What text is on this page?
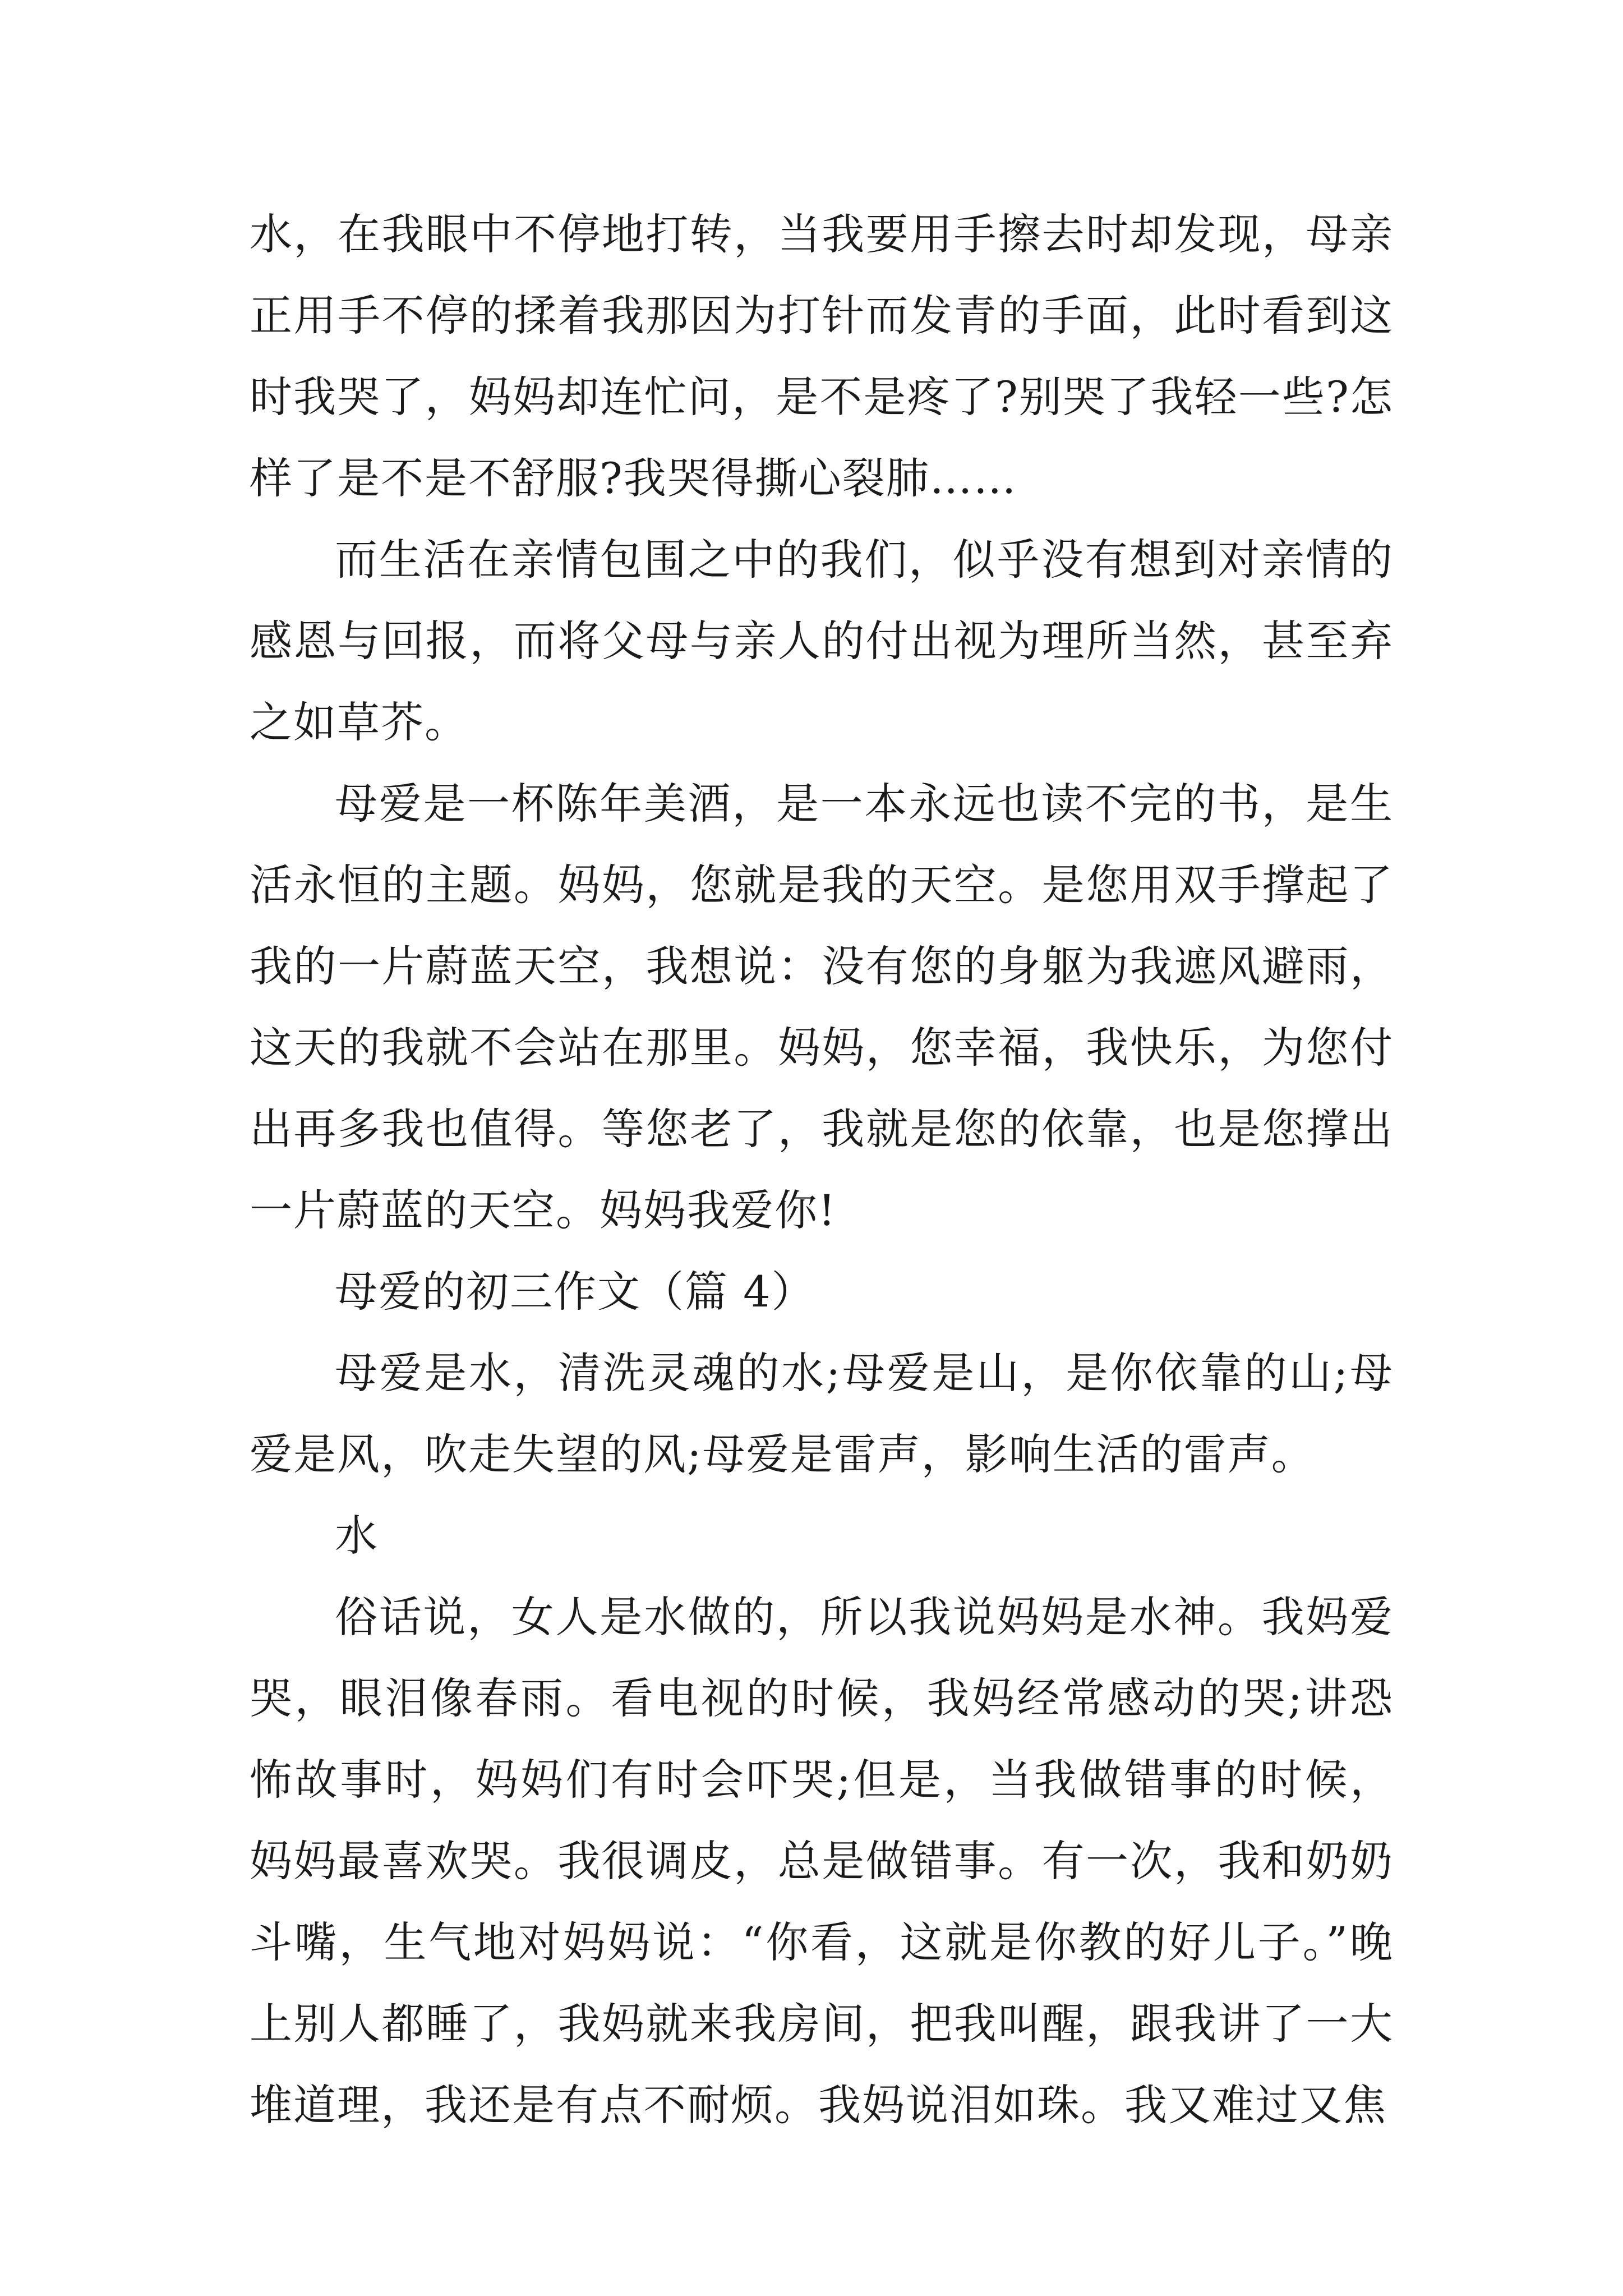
水，在我眼中不停地打转，当我要用手擦去时却发现，母亲正用手不停的揉着我那因为打针而发青的手面，此时看到这时我哭了，妈妈却连忙问，是不是疼了?别哭了我轻一些?怎样了是不是不舒服?我哭得撕心裂肺……

而生活在亲情包围之中的我们，似乎没有想到对亲情的感恩与回报，而将父母与亲人的付出视为理所当然，甚至弃之如草芥。

母爱是一杯陈年美酒，是一本永远也读不完的书，是生活永恒的主题。妈妈，您就是我的天空。是您用双手撑起了我的一片蔚蓝天空，我想说：没有您的身躯为我遮风避雨，这天的我就不会站在那里。妈妈，您幸福，我快乐，为您付出再多我也值得。等您老了，我就是您的依靠，也是您撑出一片蔚蓝的天空。妈妈我爱你!

母爱的初三作文（篇 4）

母爱是水，清洗灵魂的水;母爱是山，是你依靠的山;母爱是风，吹走失望的风;母爱是雷声，影响生活的雷声。

水

俗话说，女人是水做的，所以我说妈妈是水神。我妈爱哭，眼泪像春雨。看电视的时候，我妈经常感动的哭;讲恐怖故事时，妈妈们有时会吓哭;但是，当我做错事的时候，妈妈最喜欢哭。我很调皮，总是做错事。有一次，我和奶奶斗嘴，生气地对妈妈说：“你看，这就是你教的好儿子。”晚上别人都睡了，我妈就来我房间，把我叫醒，跟我讲了一大堆道理，我还是有点不耐烦。我妈说泪如珠。我又难过又焦
